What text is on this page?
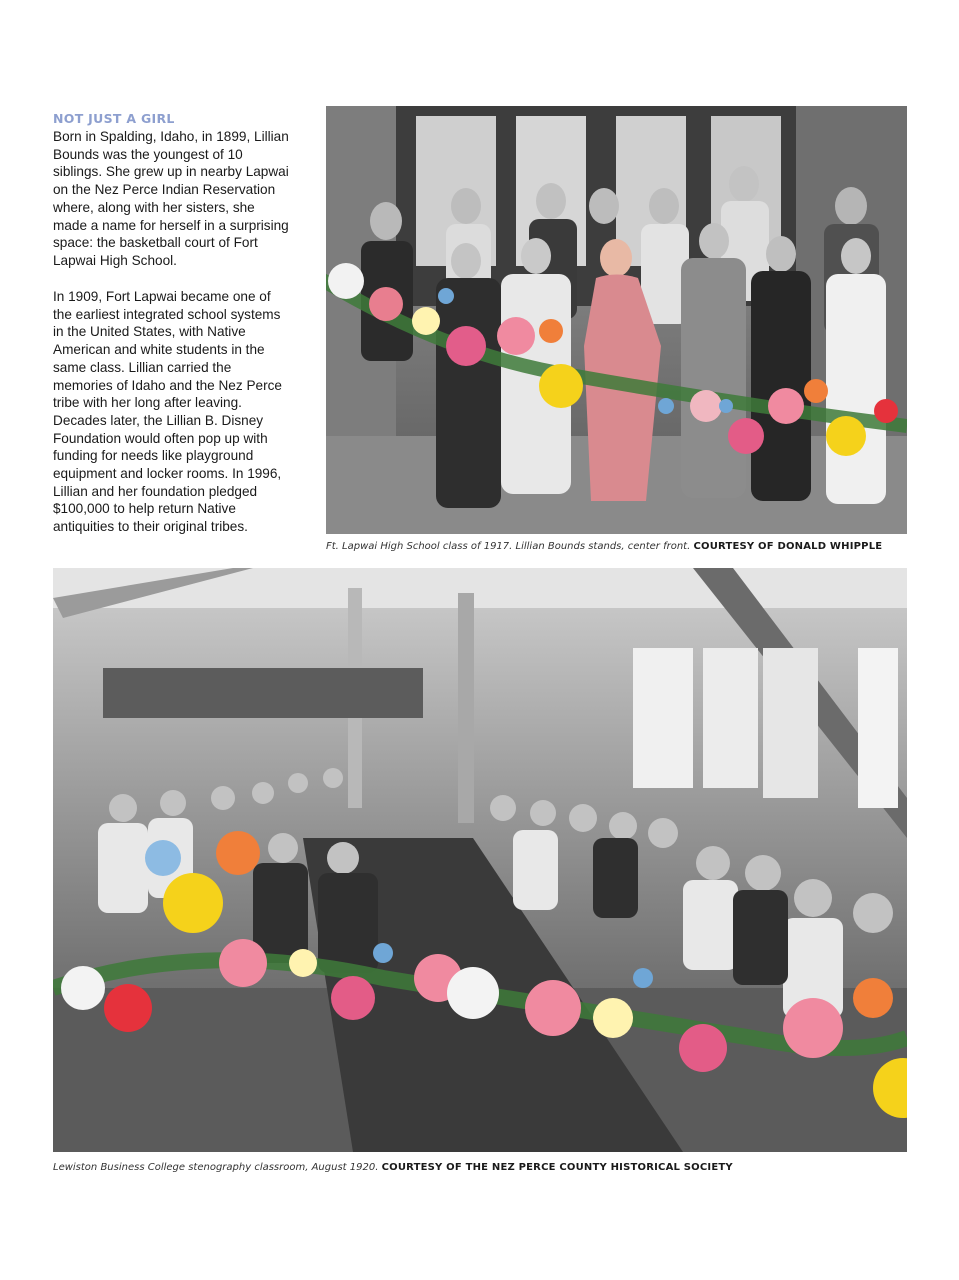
NOT JUST A GIRL

Born in Spalding, Idaho, in 1899, Lillian Bounds was the youngest of 10 siblings. She grew up in nearby Lapwai on the Nez Perce Indian Reservation where, along with her sisters, she made a name for herself in a surprising space: the basketball court of Fort Lapwai High School.

In 1909, Fort Lapwai became one of the earliest integrated school systems in the United States, with Native American and white students in the same class. Lillian carried the memories of Idaho and the Nez Perce tribe with her long after leaving. Decades later, the Lillian B. Disney Foundation would often pop up with funding for needs like playground equipment and locker rooms. In 1996, Lillian and her foundation pledged $100,000 to help return Native antiquities to their original tribes.

Ft. Lapwai High School class of 1917. Lillian Bounds stands, center front. COURTESY OF DONALD WHIPPLE
Lewiston Business College stenography classroom, August 1920. COURTESY OF THE NEZ PERCE COUNTY HISTORICAL SOCIETY
